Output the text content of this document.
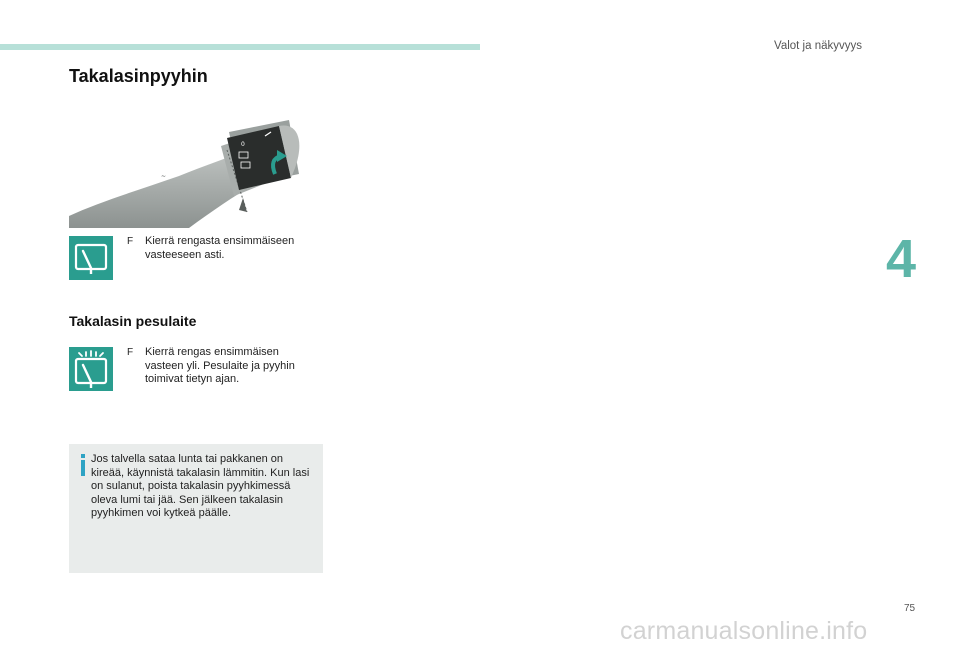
Valot ja näkyvyys
4
Takalasinpyyhin
0
~
F	Kierrä rengasta ensimmäiseen vasteeseen asti.
Takalasin pesulaite
F	Kierrä rengas ensimmäisen vasteen yli. Pesulaite ja pyyhin toimivat tietyn ajan.
Jos talvella sataa lunta tai pakkanen on kireää, käynnistä takalasin lämmitin. Kun lasi on sulanut, poista takalasin pyyhkimessä oleva lumi tai jää. Sen jälkeen takalasin pyyhkimen voi kytkeä päälle.
75
carmanualsonline.info
